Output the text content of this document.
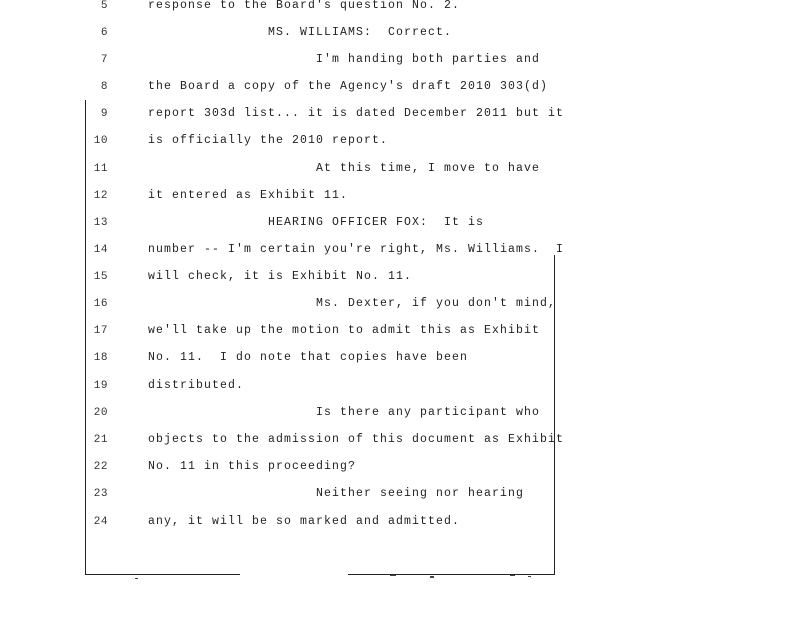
5
6
7
8
9
10
11
12
13
14
15
16
17
18
19
20
21
22
23
24
response to the Board's question No. 2.
MS. WILLIAMS:  Correct.
I'm handing both parties and
the Board a copy of the Agency's draft 2010 303(d)
report 303d list... it is dated December 2011 but it
is officially the 2010 report.
At this time, I move to have
it entered as Exhibit 11.
HEARING OFFICER FOX:  It is
number -- I'm certain you're right, Ms. Williams.  I
will check, it is Exhibit No. 11.
Ms. Dexter, if you don't mind,
we'll take up the motion to admit this as Exhibit
No. 11.  I do note that copies have been
distributed.
Is there any participant who
objects to the admission of this document as Exhibit
No. 11 in this proceeding?
Neither seeing nor hearing
any, it will be so marked and admitted.
